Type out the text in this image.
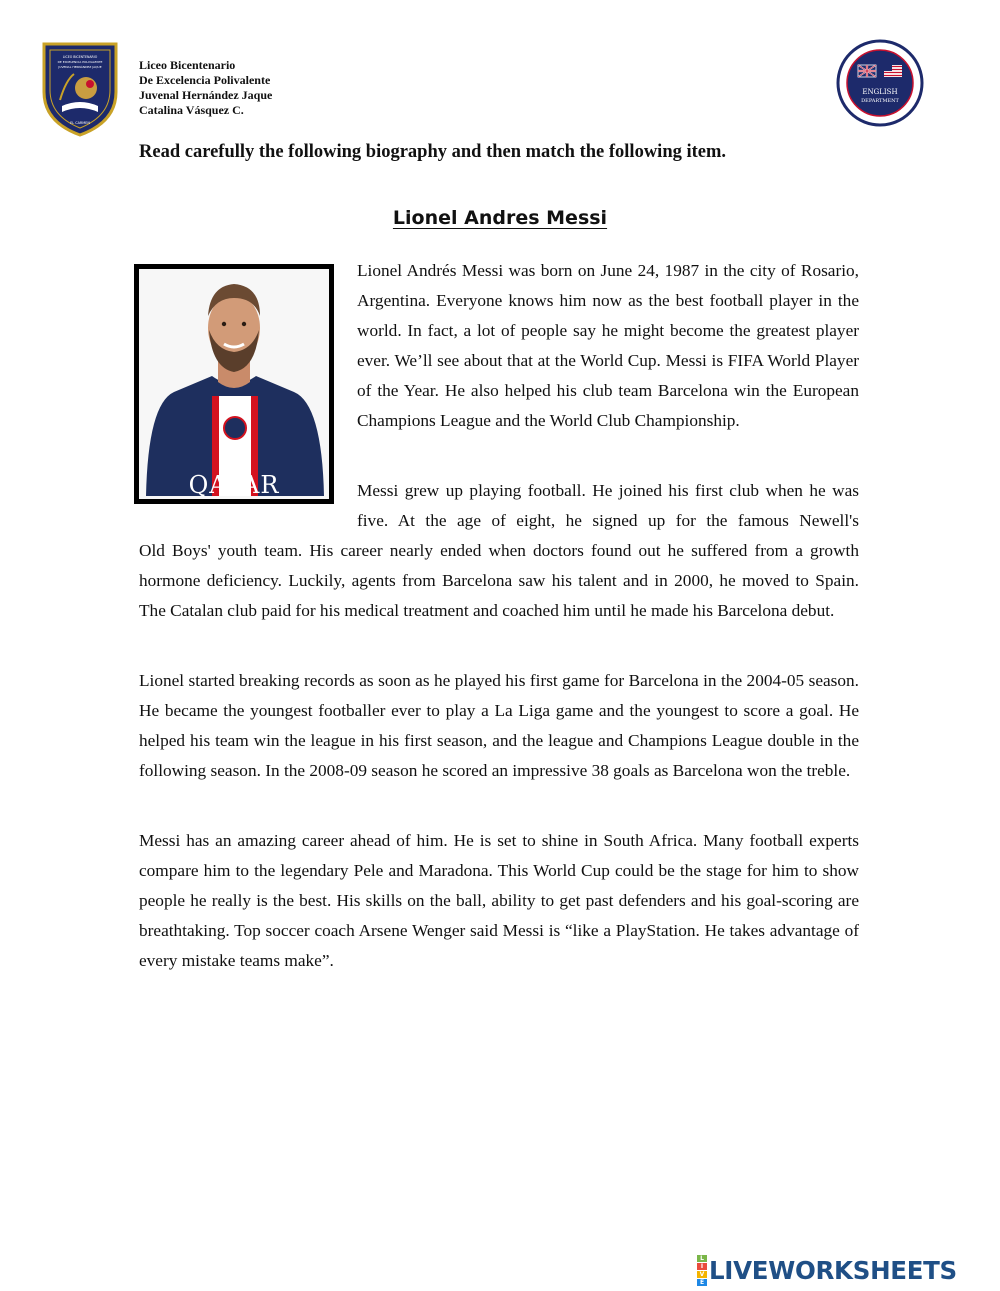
LICEO BICENTENARIO
DE EXCELENCIA POLIVALENTE
JUVENAL HERNÁNDEZ JAQUE
EL CARMEN
Liceo Bicentenario
De Excelencia Polivalente
Juvenal Hernández Jaque
Catalina Vásquez C.
ENGLISH
DEPARTMENT
Read carefully the following biography and then match the following item.
Lionel Andres Messi
QATAR

Lionel Andrés Messi was born on June 24, 1987 in the city of Rosario, Argentina. Everyone knows him now as the best football player in the world. In fact, a lot of people say he might become the greatest player ever. We’ll see about that at the World Cup. Messi is FIFA World Player of the Year. He also helped his club team Barcelona win the European Champions League and the World Club Championship.

Messi grew up playing football. He joined his first club when he was five. At the age of eight, he signed up for the famous Newell's

Old Boys' youth team. His career nearly ended when doctors found out he suffered from a growth hormone deficiency. Luckily, agents from Barcelona saw his talent and in 2000, he moved to Spain. The Catalan club paid for his medical treatment and coached him until he made his Barcelona debut.

Lionel started breaking records as soon as he played his first game for Barcelona in the 2004-05 season. He became the youngest footballer ever to play a La Liga game and the youngest to score a goal. He helped his team win the league in his first season, and the league and Champions League double in the following season. In the 2008-09 season he scored an impressive 38 goals as Barcelona won the treble.

Messi has an amazing career ahead of him. He is set to shine in South Africa. Many football experts compare him to the legendary Pele and Maradona. This World Cup could be the stage for him to show people he really is the best. His skills on the ball, ability to get past defenders and his goal-scoring are breathtaking. Top soccer coach Arsene Wenger said Messi is “like a PlayStation. He takes advantage of every mistake teams make”.

L
I
V
E LIVEWORKSHEETS
